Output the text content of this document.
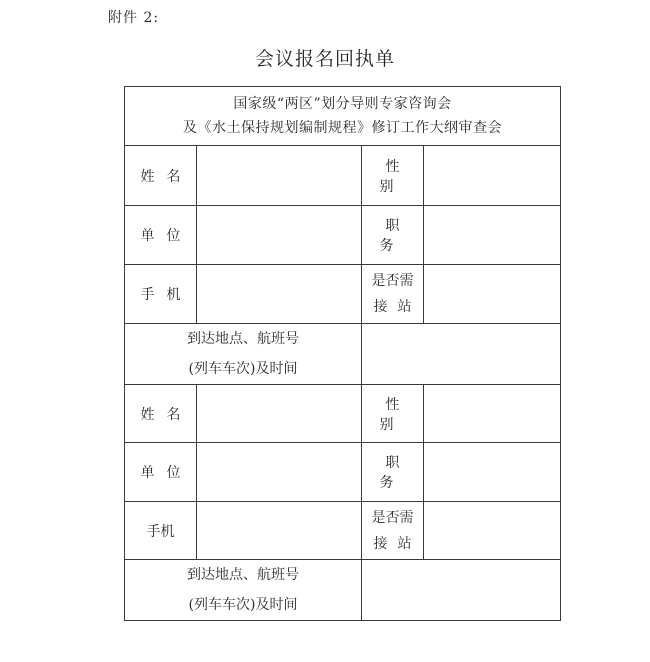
附件 2:
会议报名回执单
国家级“两区”划分导则专家咨询会
及《水土保持规划编制规程》修订工作大纲审查会			

姓名		性别	
单位		职务	
手机		是否需
接站	

到达地点、航班号
(列车车次)及时间			

姓名		性别	
单位		职务	
手机		是否需
接站	

到达地点、航班号
(列车车次)及时间			
